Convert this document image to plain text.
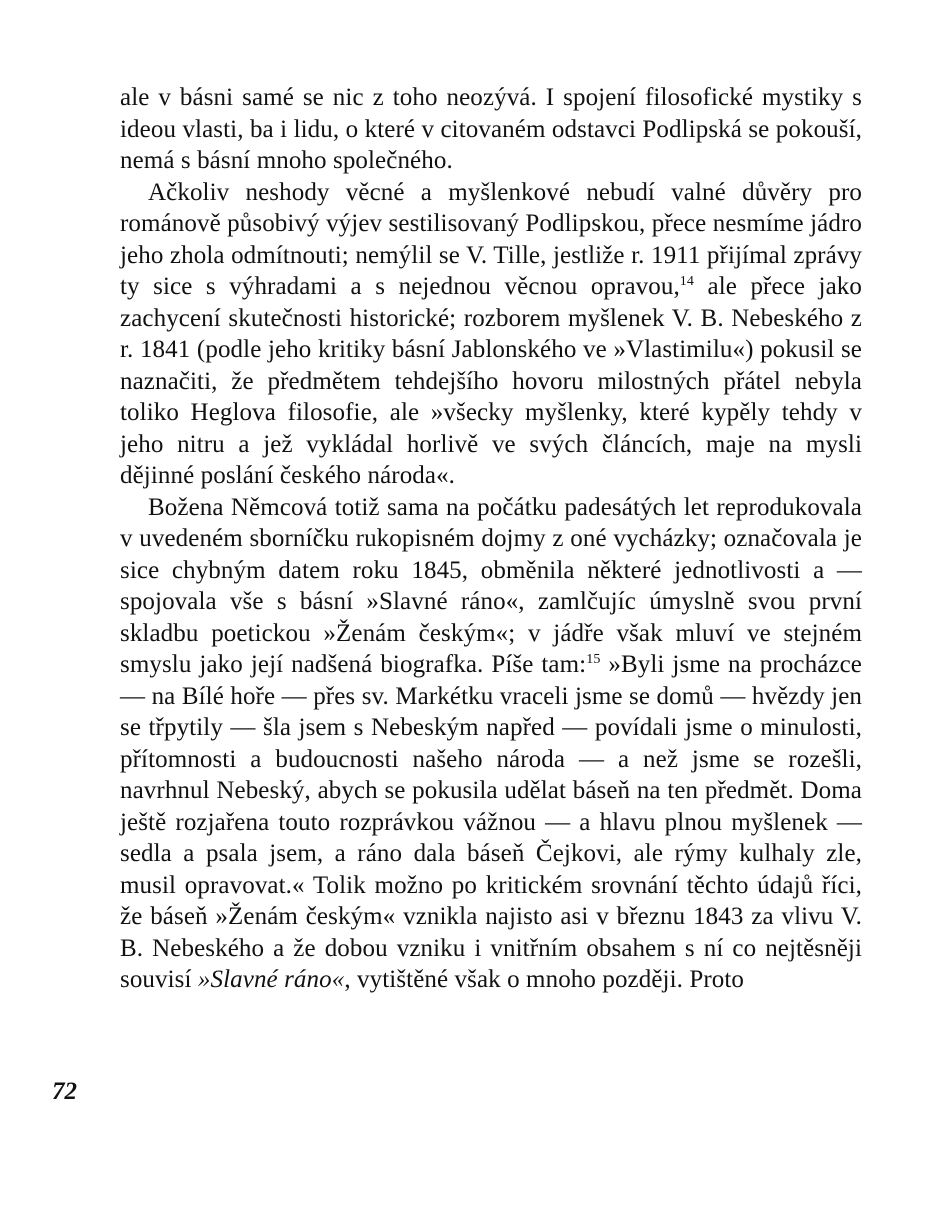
ale v básni samé se nic z toho neozývá. I spojení filosofické mystiky s ideou vlasti, ba i lidu, o které v citovaném odstavci Podlipská se pokouší, nemá s básní mnoho společného.

Ačkoliv neshody věcné a myšlenkové nebudí valné důvěry pro románově působivý výjev sestilisovaný Podlipskou, přece nesmíme jádro jeho zhola odmítnouti; nemýlil se V. Tille, jestliže r. 1911 přijímal zprávy ty sice s výhradami a s nejednou věcnou opravou,$^{14}$ ale přece jako zachycení skutečnosti historické; rozborem myšlenek V. B. Nebeského z r. 1841 (podle jeho kritiky básní Jablonského ve »Vlastimilu«) pokusil se naznačiti, že předmětem tehdejšího hovoru milostných přátel nebyla toliko Heglova filosofie, ale »všecky myšlenky, které kypěly tehdy v jeho nitru a jež vykládal horlivě ve svých článcích, maje na mysli dějinné poslání českého národa«.

Božena Němcová totiž sama na počátku padesátých let reprodukovala v uvedeném sborníčku rukopisném dojmy z oné vycházky; označovala je sice chybným datem roku 1845, obměnila některé jednotlivosti a — spojovala vše s básní »Slavné ráno«, zamlčujíc úmyslně svou první skladbu poetickou »Ženám českým«; v jádře však mluví ve stejném smyslu jako její nadšená biografka. Píše tam:$^{15}$ »Byli jsme na procházce — na Bílé hoře — přes sv. Markétku vraceli jsme se domů — hvězdy jen se třpytily — šla jsem s Nebeským napřed — povídali jsme o minulosti, přítomnosti a budoucnosti našeho národa — a než jsme se rozešli, navrhnul Nebeský, abych se pokusila udělat báseň na ten předmět. Doma ještě rozjařena touto rozprávkou vážnou — a hlavu plnou myšlenek — sedla a psala jsem, a ráno dala báseň Čejkovi, ale rýmy kulhaly zle, musil opravovat.« Tolik možno po kritickém srovnání těchto údajů říci, že báseň »Ženám českým« vznikla najisto asi v březnu 1843 za vlivu V. B. Nebeského a že dobou vzniku i vnitřním obsahem s ní co nejtěsněji souvisí »Slavné ráno«, vytištěné však o mnoho později. Proto

72
